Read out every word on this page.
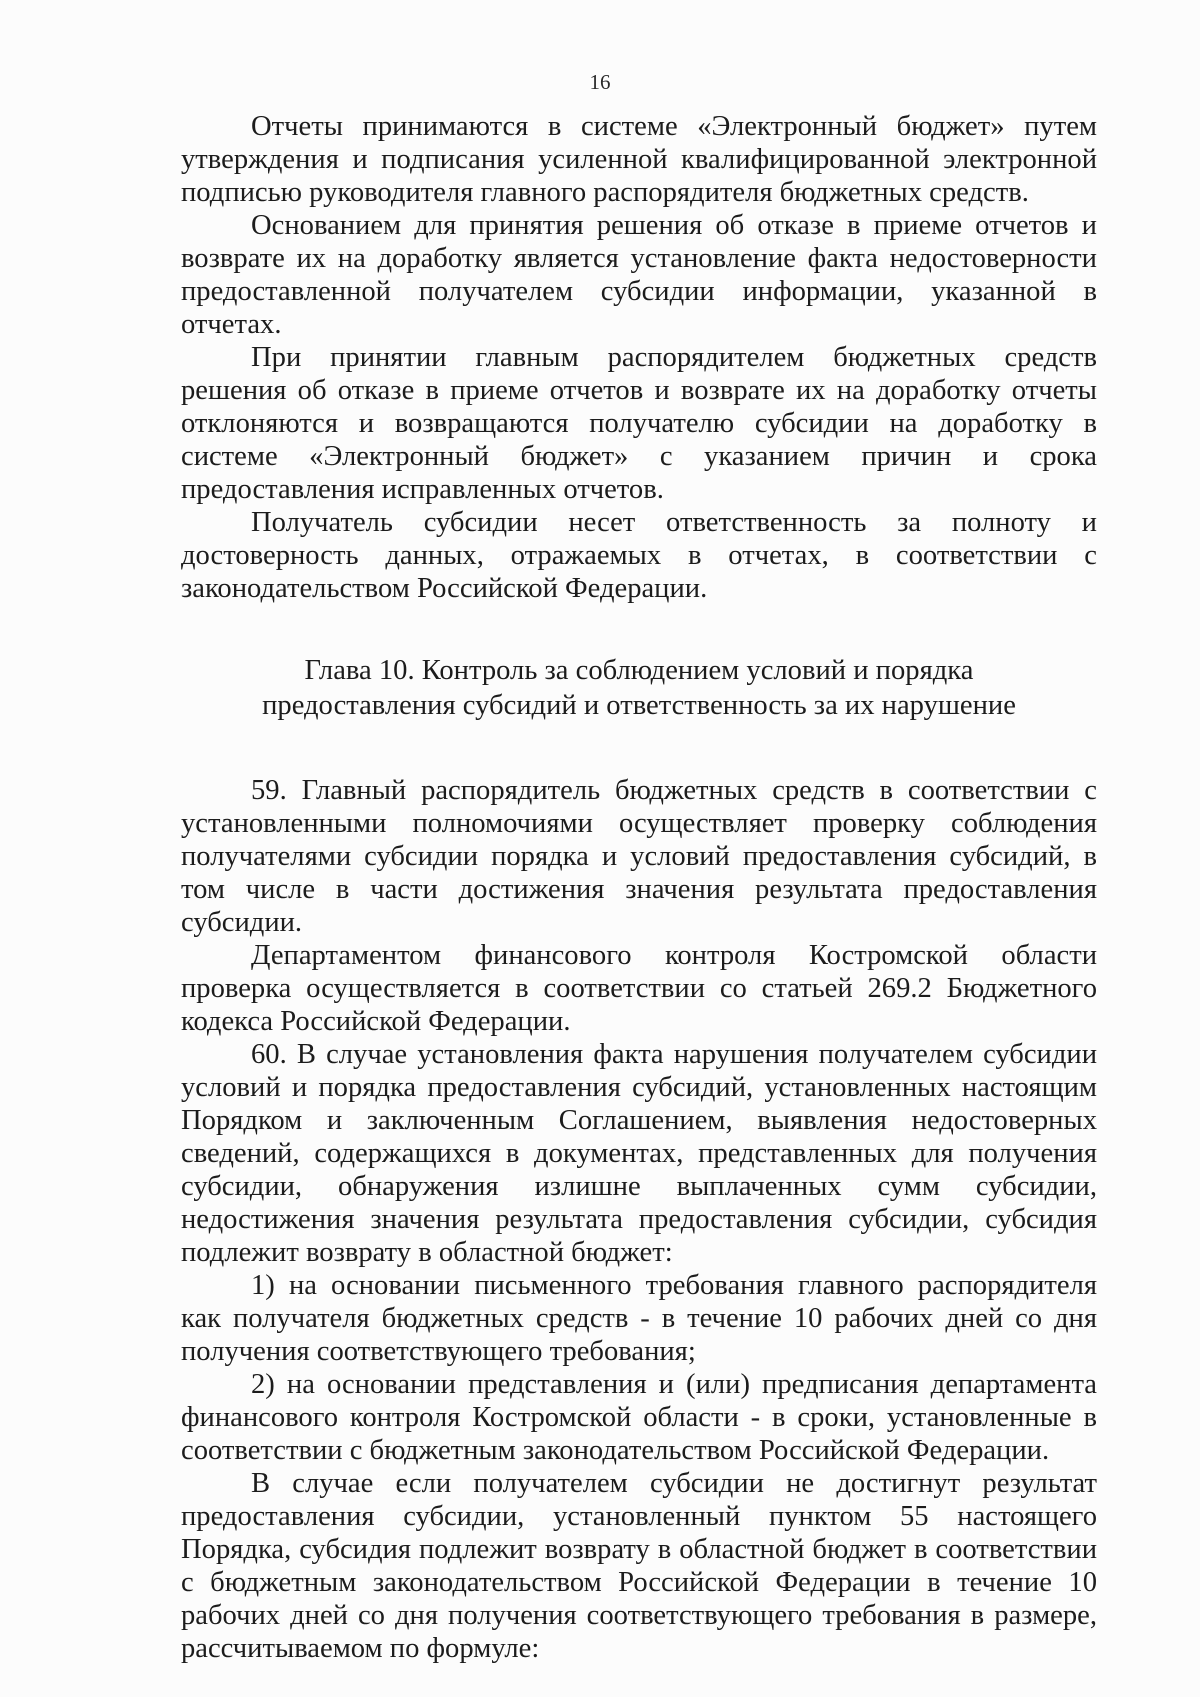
16

Отчеты принимаются в системе «Электронный бюджет» путем утверждения и подписания усиленной квалифицированной электронной подписью руководителя главного распорядителя бюджетных средств.

Основанием для принятия решения об отказе в приеме отчетов и возврате их на доработку является установление факта недостоверности предоставленной получателем субсидии информации, указанной в отчетах.

При принятии главным распорядителем бюджетных средств решения об отказе в приеме отчетов и возврате их на доработку отчеты отклоняются и возвращаются получателю субсидии на доработку в системе «Электронный бюджет» с указанием причин и срока предоставления исправленных отчетов.

Получатель субсидии несет ответственность за полноту и достоверность данных, отражаемых в отчетах, в соответствии с законодательством Российской Федерации.

Глава 10. Контроль за соблюдением условий и порядка
предоставления субсидий и ответственность за их нарушение

59. Главный распорядитель бюджетных средств в соответствии с установленными полномочиями осуществляет проверку соблюдения получателями субсидии порядка и условий предоставления субсидий, в том числе в части достижения значения результата предоставления субсидии.

Департаментом финансового контроля Костромской области проверка осуществляется в соответствии со статьей 269.2 Бюджетного кодекса Российской Федерации.

60. В случае установления факта нарушения получателем субсидии условий и порядка предоставления субсидий, установленных настоящим Порядком и заключенным Соглашением, выявления недостоверных сведений, содержащихся в документах, представленных для получения субсидии, обнаружения излишне выплаченных сумм субсидии, недостижения значения результата предоставления субсидии, субсидия подлежит возврату в областной бюджет:

1) на основании письменного требования главного распорядителя как получателя бюджетных средств - в течение 10 рабочих дней со дня получения соответствующего требования;

2) на основании представления и (или) предписания департамента финансового контроля Костромской области - в сроки, установленные в соответствии с бюджетным законодательством Российской Федерации.

В случае если получателем субсидии не достигнут результат предоставления субсидии, установленный пунктом 55 настоящего Порядка, субсидия подлежит возврату в областной бюджет в соответствии с бюджетным законодательством Российской Федерации в течение 10 рабочих дней со дня получения соответствующего требования в размере, рассчитываемом по формуле:
